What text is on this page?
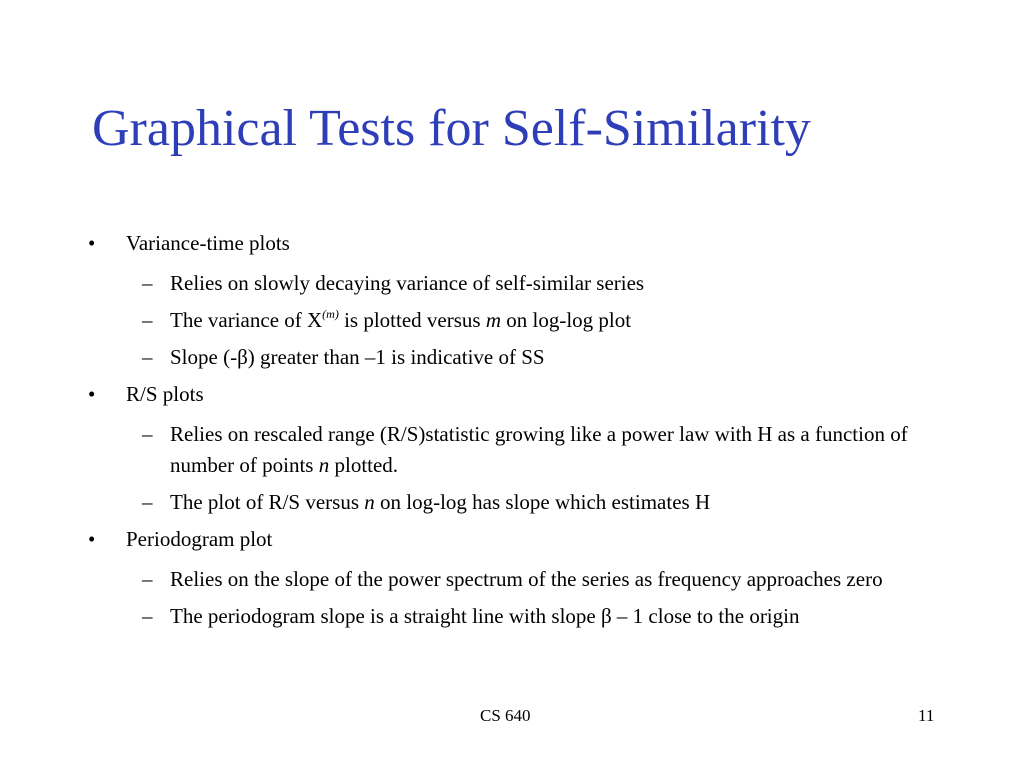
Graphical Tests for Self-Similarity
• Variance-time plots
– Relies on slowly decaying variance of self-similar series
– The variance of $X^{(m)}$ is plotted versus m on log-log plot
– Slope (-β) greater than –1 is indicative of SS
• R/S plots
– Relies on rescaled range (R/S)statistic growing like a power law with H as a function of number of points n plotted.
– The plot of R/S versus n on log-log has slope which estimates H
• Periodogram plot
– Relies on the slope of the power spectrum of the series as frequency approaches zero
– The periodogram slope is a straight line with slope β – 1 close to the origin
CS 640	11
